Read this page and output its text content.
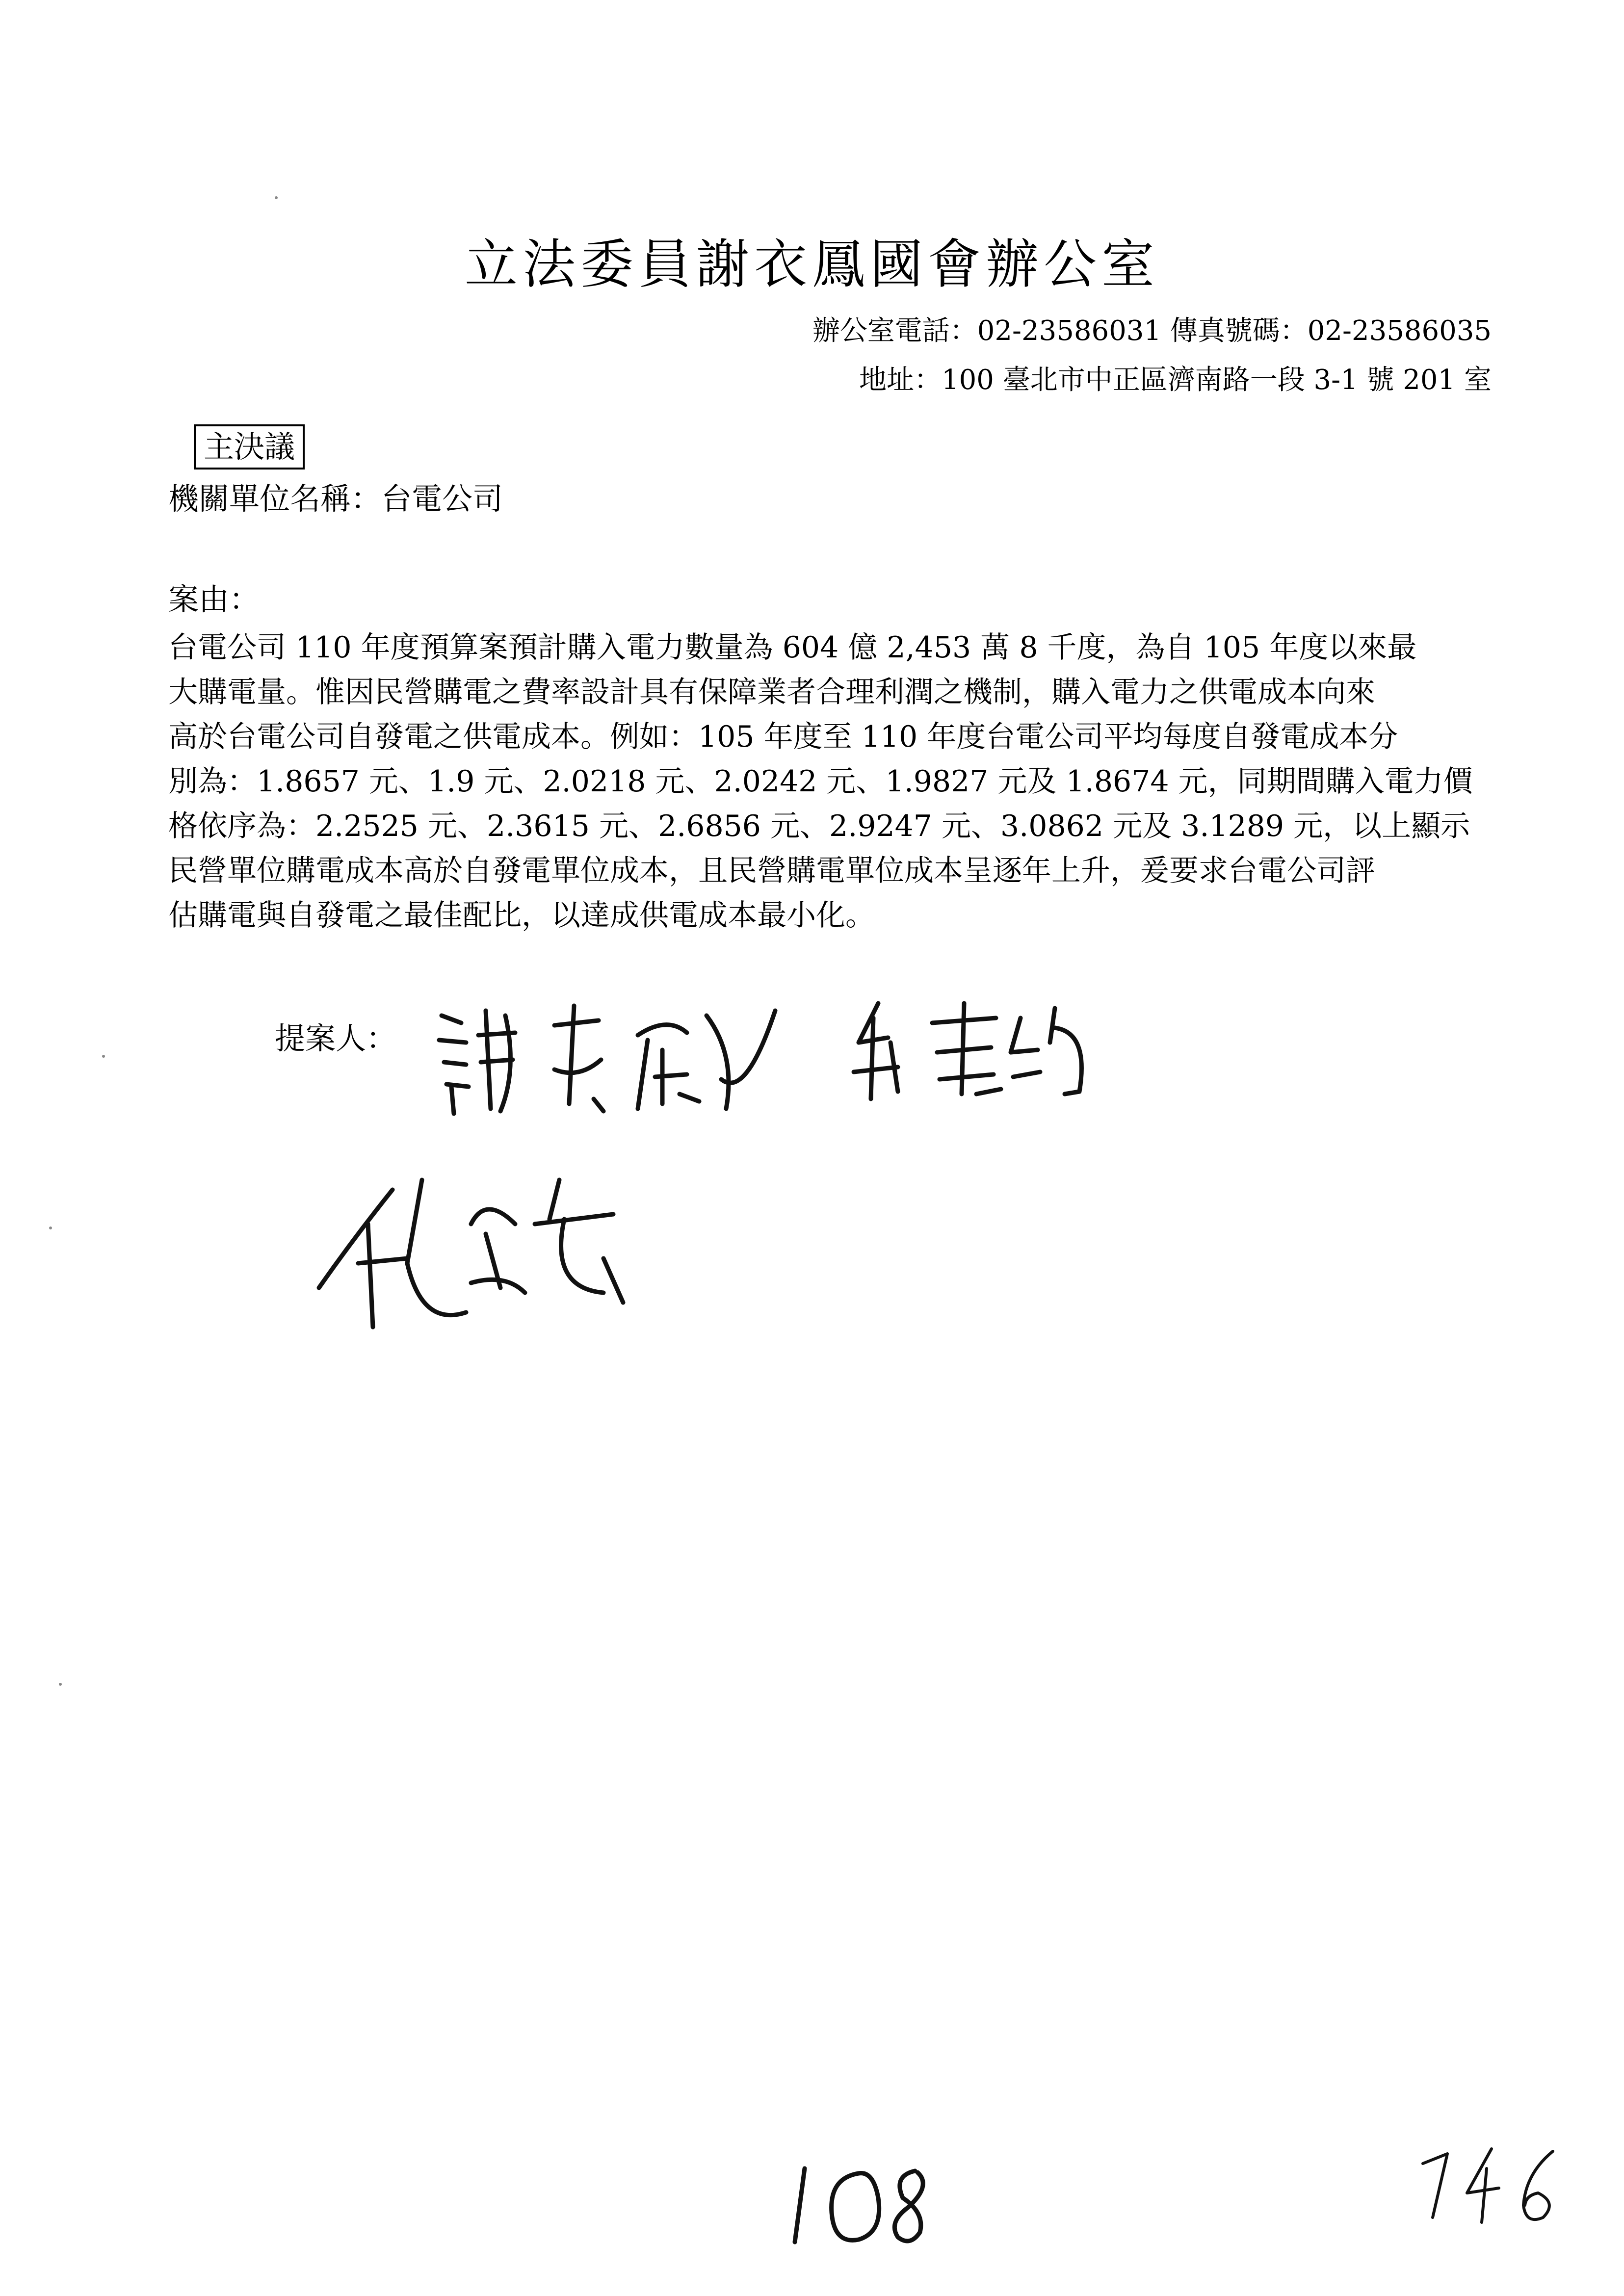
立法委員謝衣鳳國會辦公室
辦公室電話：02-23586031 傳真號碼：02-23586035
地址：100 臺北市中正區濟南路一段 3-1 號 201 室
主決議
機關單位名稱：台電公司
案由：
台電公司 110 年度預算案預計購入電力數量為 604 億 2,453 萬 8 千度，為自 105 年度以來最
大購電量。惟因民營購電之費率設計具有保障業者合理利潤之機制，購入電力之供電成本向來
高於台電公司自發電之供電成本。例如：105 年度至 110 年度台電公司平均每度自發電成本分
別為：1.8657 元、1.9 元、2.0218 元、2.0242 元、1.9827 元及 1.8674 元，同期間購入電力價
格依序為：2.2525 元、2.3615 元、2.6856 元、2.9247 元、3.0862 元及 3.1289 元，以上顯示
民營單位購電成本高於自發電單位成本，且民營購電單位成本呈逐年上升，爰要求台電公司評
估購電與自發電之最佳配比，以達成供電成本最小化。
提案人：
